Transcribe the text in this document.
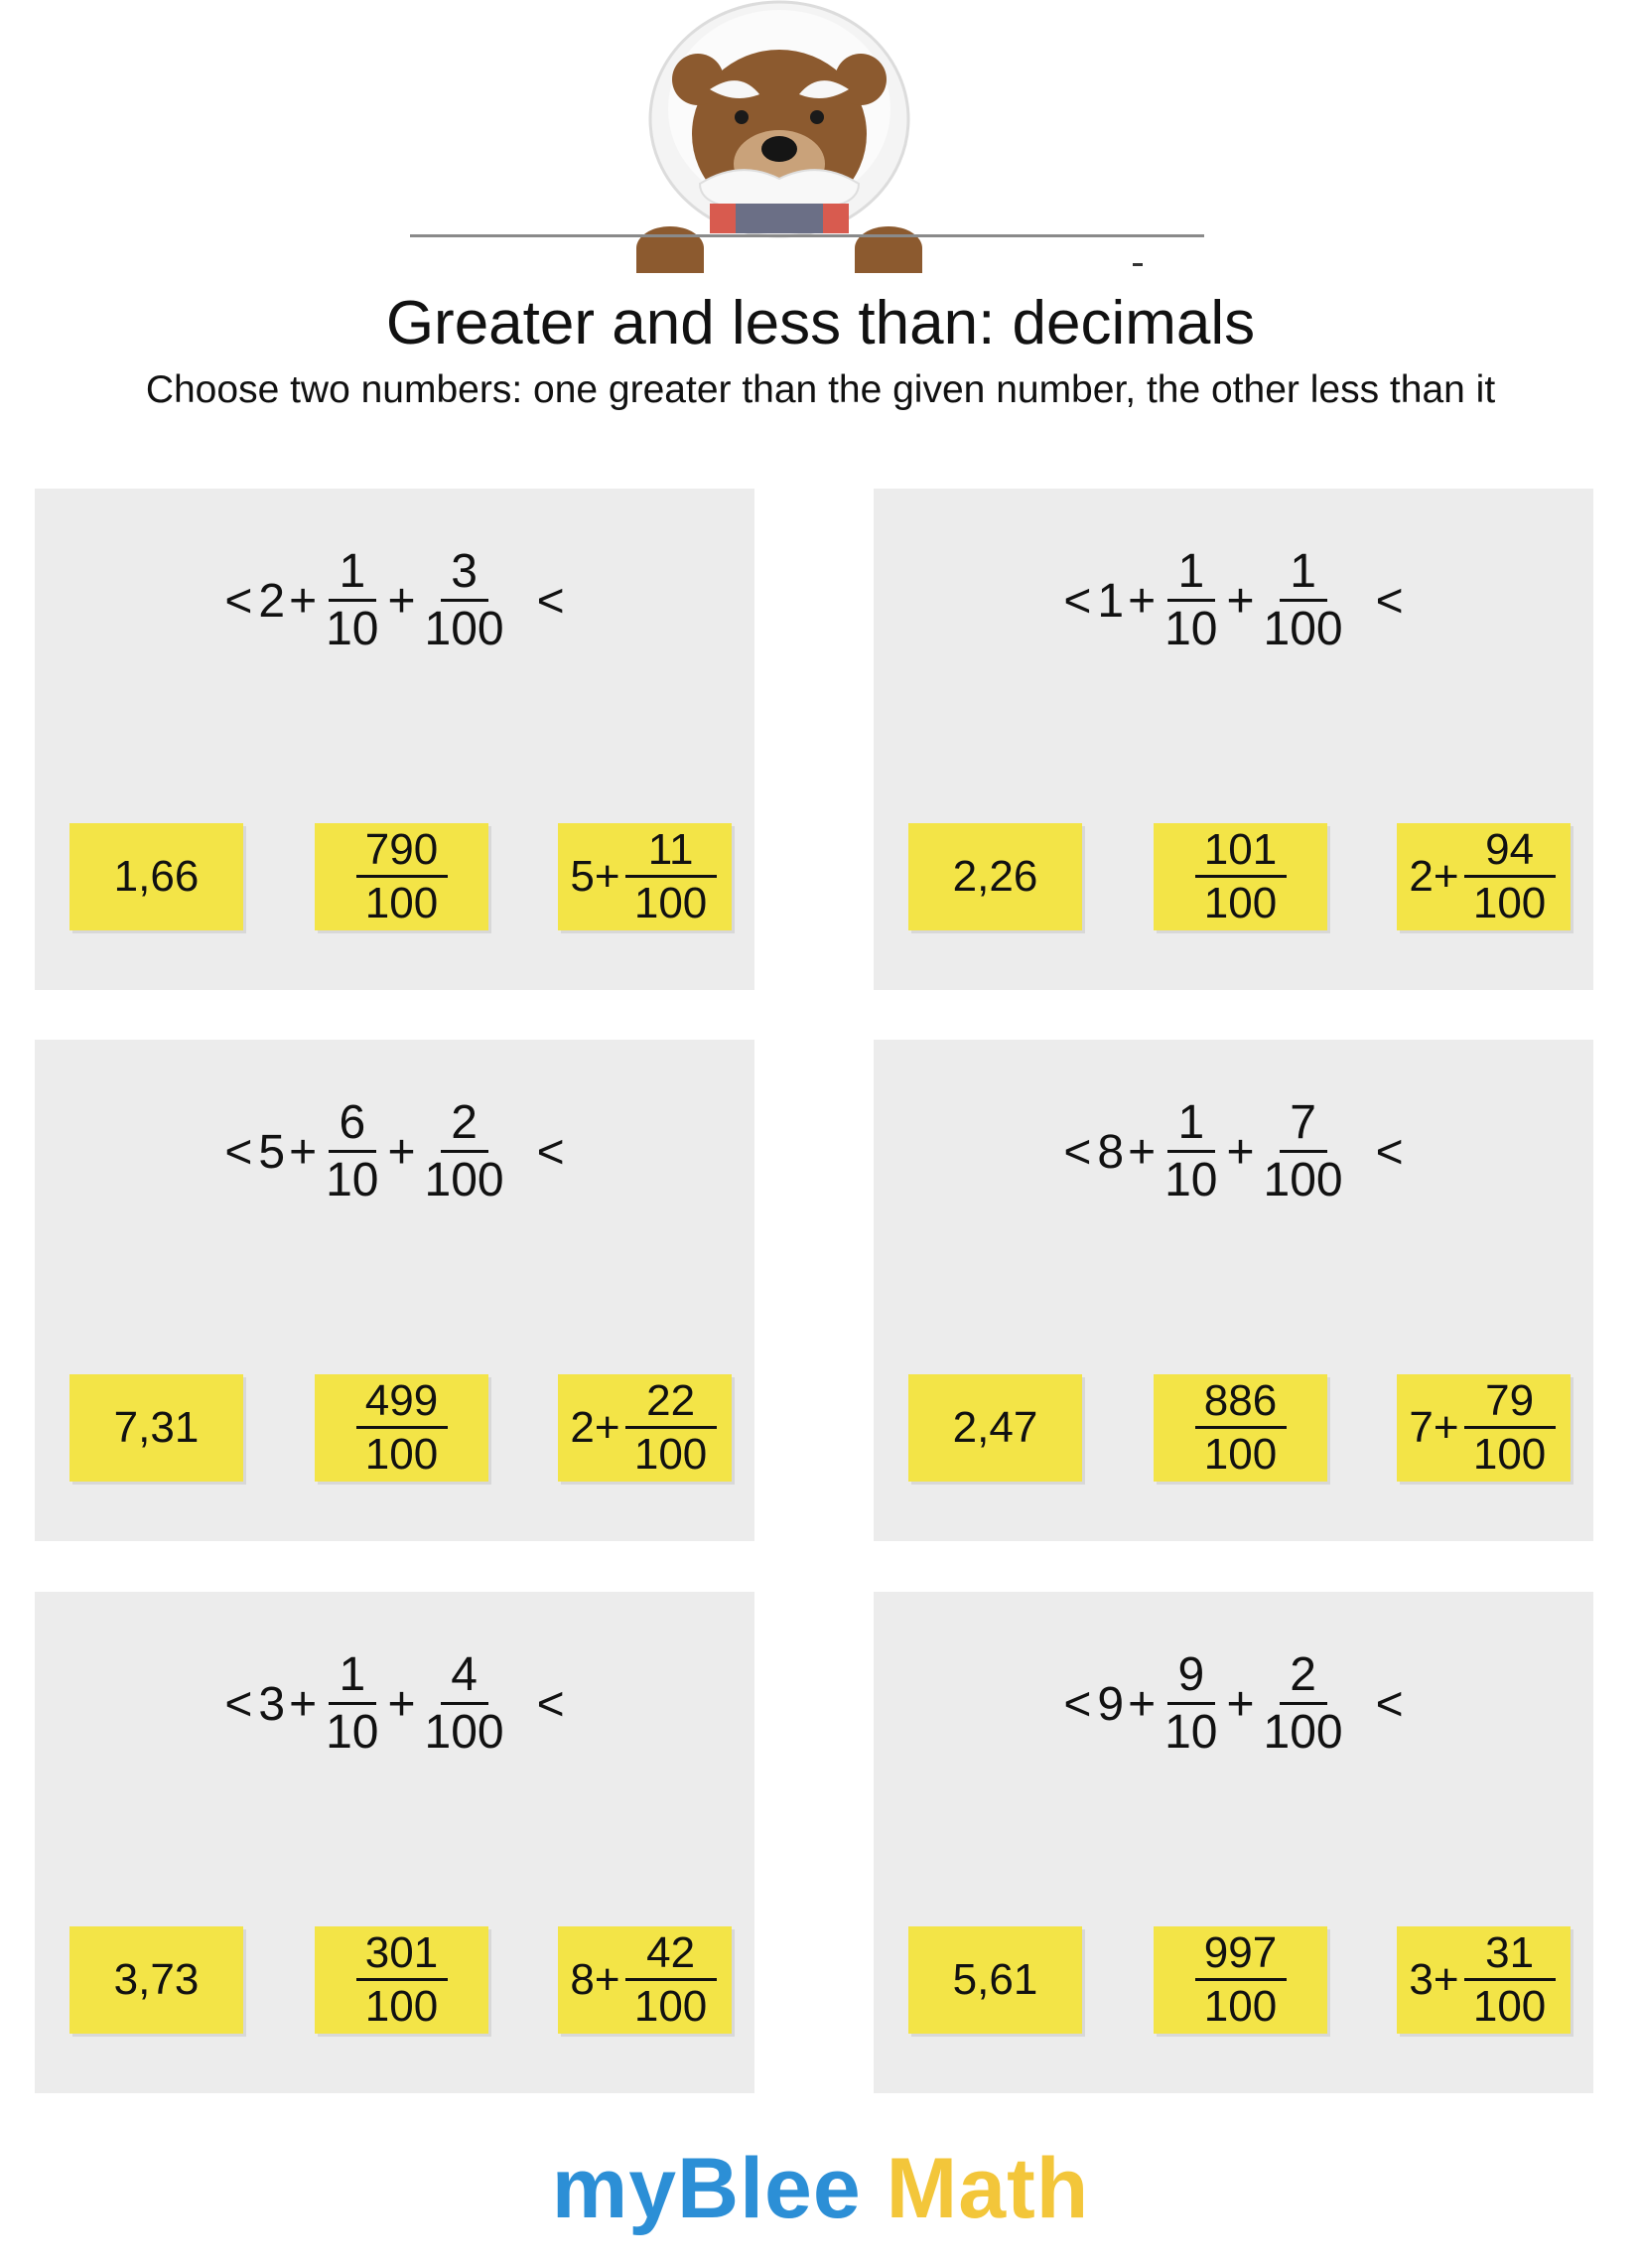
Greater and less than: decimals
Choose two numbers: one greater than the given number, the other less than it
< $2 + \frac{1}{10} + \frac{3}{100}$ <
1,66	$\frac{790}{100}$	$5+ \frac{11}{100}$
< $1 + \frac{1}{10} + \frac{1}{100}$ <
2,26	$\frac{101}{100}$	$2+ \frac{94}{100}$
< $5 + \frac{6}{10} + \frac{2}{100}$ <
7,31	$\frac{499}{100}$	$2+ \frac{22}{100}$
< $8 + \frac{1}{10} + \frac{7}{100}$ <
2,47	$\frac{886}{100}$	$7+ \frac{79}{100}$
< $3 + \frac{1}{10} + \frac{4}{100}$ <
3,73	$\frac{301}{100}$	$8+ \frac{42}{100}$
< $9 + \frac{9}{10} + \frac{2}{100}$ <
5,61	$\frac{997}{100}$	$3+ \frac{31}{100}$
myBlee Math
